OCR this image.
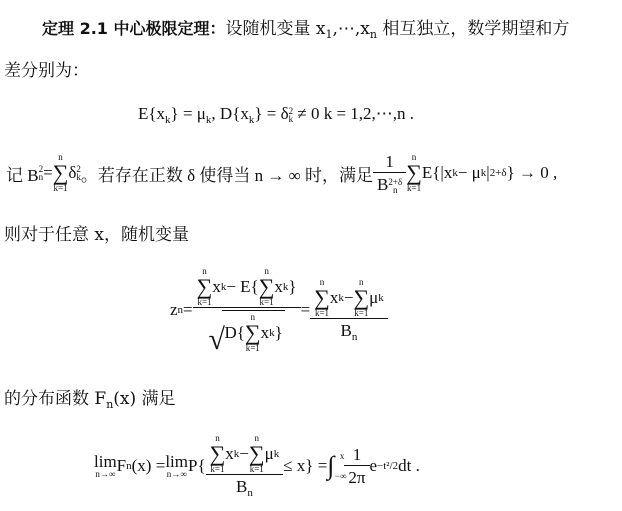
定理 2.1 中心极限定理：设随机变量 $x_1,\cdots,x_n$ 相互独立，数学期望和方
差分别为：
$E\{x_k\} = \mu_k$, $D\{x_k\} = \delta$ 2
k ≠ 0 k = 1,2,⋯,n .
记 B 2
n =
n
∑
k=1
δ 2
k 。若存在正数 δ 使得当 n → ∞ 时，满足 1
B 2+δ
n n
∑
k=1
E{|x k − μ k | 2+δ } → 0 ,
则对于任意 x，随机变量
z n = n
∑
k=1
x k − E{
n
∑
k=1
x k }
√ D{
n
∑
k=1
x k } = n
∑
k=1
x k −
n
∑
k=1
μ k
$B_n$
的分布函数 $F_n(x)$ 满足
lim
n→∞ F n (x) = lim
n→∞ P{ n
∑
k=1
x k −
n
∑
k=1
μ k
$B_n \le x$} = ∫ x
−∞
$\frac{1}{2\pi}$ e −t²/2 dt .
